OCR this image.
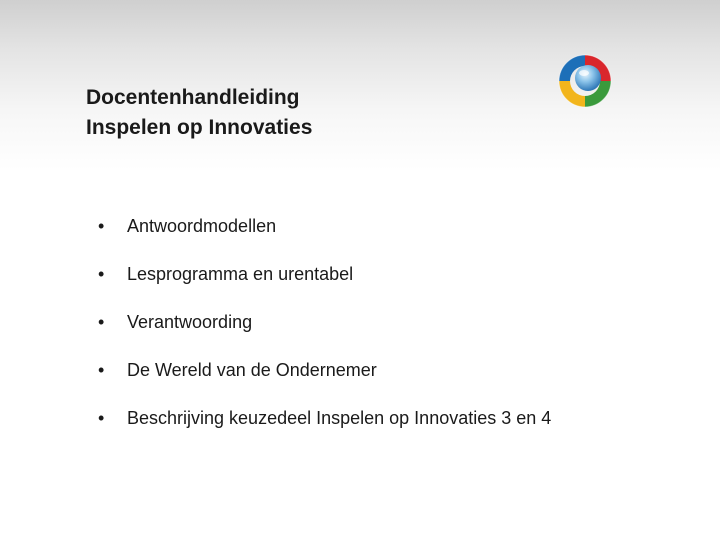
Docentenhandleiding
Inspelen op Innovaties
•	Antwoordmodellen
•	Lesprogramma en urentabel
•	Verantwoording
•	De Wereld van de Ondernemer
•	Beschrijving keuzedeel Inspelen op Innovaties 3 en 4
